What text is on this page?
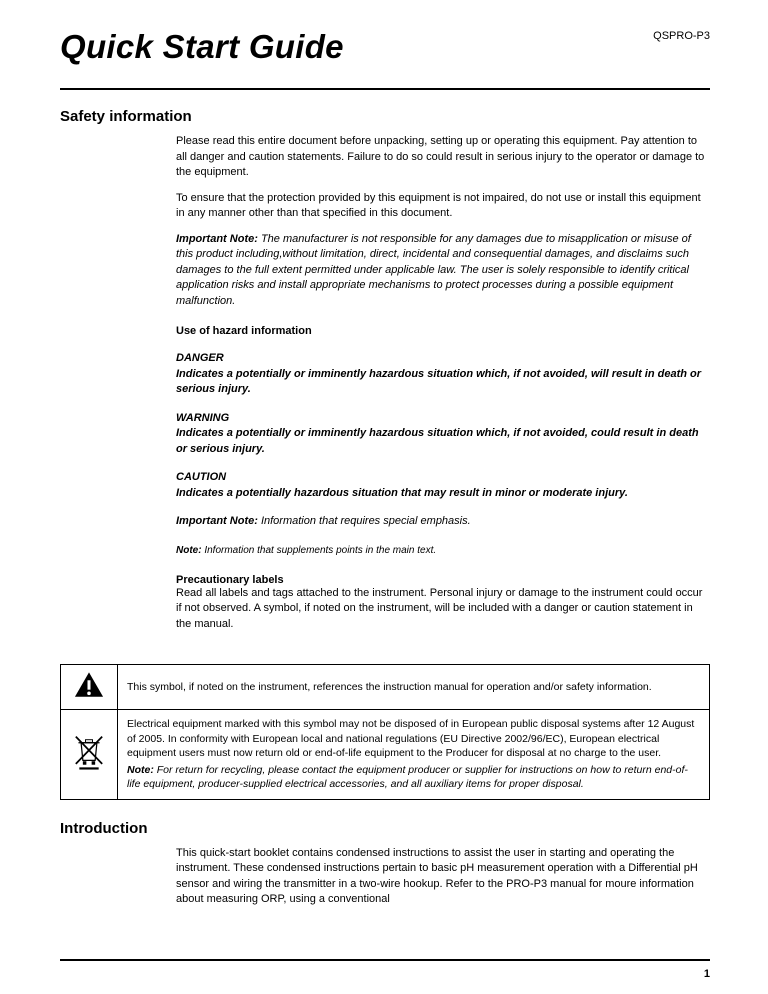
Quick Start Guide	QSPRO-P3
Safety information

Please read this entire document before unpacking, setting up or operating this equipment. Pay attention to all danger and caution statements. Failure to do so could result in serious injury to the operator or damage to the equipment.

To ensure that the protection provided by this equipment is not impaired, do not use or install this equipment in any manner other than that specified in this document.

Important Note: The manufacturer is not responsible for any damages due to misapplication or misuse of this product including,without limitation, direct, incidental and consequential damages, and disclaims such damages to the full extent permitted under applicable law. The user is solely responsible to identify critical application risks and install appropriate mechanisms to protect processes during a possible equipment malfunction.

Use of hazard information

DANGER

Indicates a potentially or imminently hazardous situation which, if not avoided, will result in death or serious injury.

WARNING

Indicates a potentially or imminently hazardous situation which, if not avoided, could result in death or serious injury.

CAUTION

Indicates a potentially hazardous situation that may result in minor or moderate injury.

Important Note: Information that requires special emphasis.

Note: Information that supplements points in the main text.

Precautionary labels

Read all labels and tags attached to the instrument. Personal injury or damage to the instrument could occur if not observed. A symbol, if noted on the instrument, will be included with a danger or caution statement in the manual.

This symbol, if noted on the instrument, references the instruction manual for operation and/or safety information.

Electrical equipment marked with this symbol may not be disposed of in European public disposal systems after 12 August of 2005. In conformity with European local and national regulations (EU Directive 2002/96/EC), European electrical equipment users must now return old or end-of-life equipment to the Producer for disposal at no charge to the user.

Note: For return for recycling, please contact the equipment producer or supplier for instructions on how to return end-of-life equipment, producer-supplied electrical accessories, and all auxiliary items for proper disposal.

Introduction

This quick-start booklet contains condensed instructions to assist the user in starting and operating the instrument. These condensed instructions pertain to basic pH measurement operation with a Differential pH sensor and wiring the transmitter in a two-wire hookup. Refer to the PRO-P3 manual for moure information about measuring ORP, using a conventional

1
